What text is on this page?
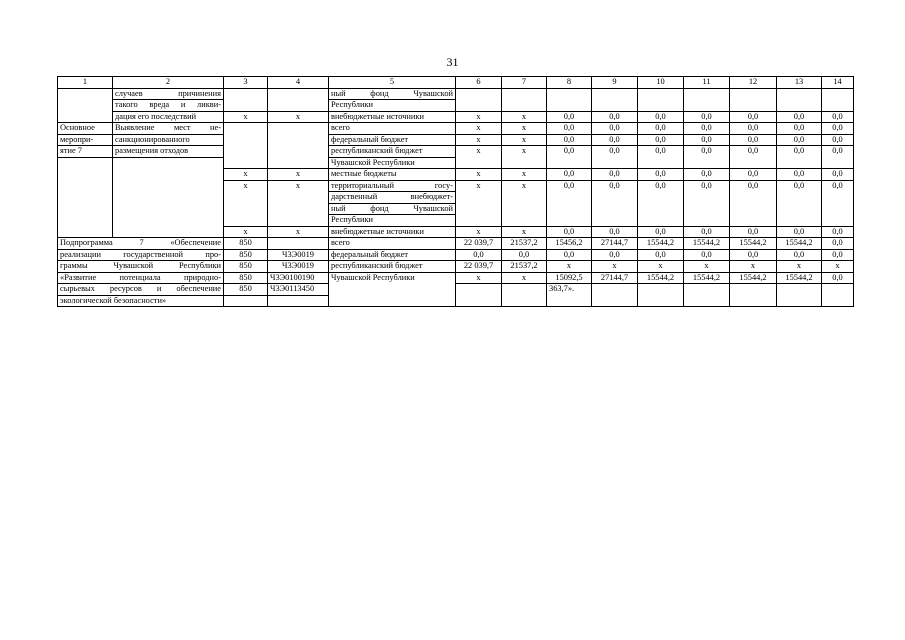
31
1	2	3	4	5	6	7	8	9	10	11	12	13	14
	случаев причинения			ный фонд Чувашской									
	такого вреда и ликви-			Республики									
	дация его последствий	x	x	внебюджетные источники	x	x	0,0	0,0	0,0	0,0	0,0	0,0	0,0
Основное	Выявление мест не-			всего	x	x	0,0	0,0	0,0	0,0	0,0	0,0	0,0
меропри-	санкционированного			федеральный бюджет	x	x	0,0	0,0	0,0	0,0	0,0	0,0	0,0
ятие 7	размещения отходов			республиканский бюджет	x	x	0,0	0,0	0,0	0,0	0,0	0,0	0,0
				Чувашской Республики									
		x	x	местные бюджеты	x	x	0,0	0,0	0,0	0,0	0,0	0,0	0,0
		x	x	территориальный госу-	x	x	0,0	0,0	0,0	0,0	0,0	0,0	0,0
				дарственный внебюджет-									
				ный фонд Чувашской									
				Республики									
		x	x	внебюджетные источники	x	x	0,0	0,0	0,0	0,0	0,0	0,0	0,0
Подпрограмма 7 «Обеспечение		850		всего	22 039,7	21537,2	15456,2	27144,7	15544,2	15544,2	15544,2	15544,2	0,0
реализации государственной про-		850	Ч3Э0019	федеральный бюджет	0,0	0,0	0,0	0,0	0,0	0,0	0,0	0,0	0,0
граммы Чувашской Республики		850	Ч3Э0019	республиканский бюджет	22 039,7	21537,2	x	x	x	x	x	x	x
«Развитие потенциала природно-		850	Ч3Э0100190	Чувашской Республики	x	x	15092,5	27144,7	15544,2	15544,2	15544,2	15544,2	0,0
сырьевых ресурсов и обеспечение		850	Ч3Э0113450				363,7».						
экологической безопасности»													
